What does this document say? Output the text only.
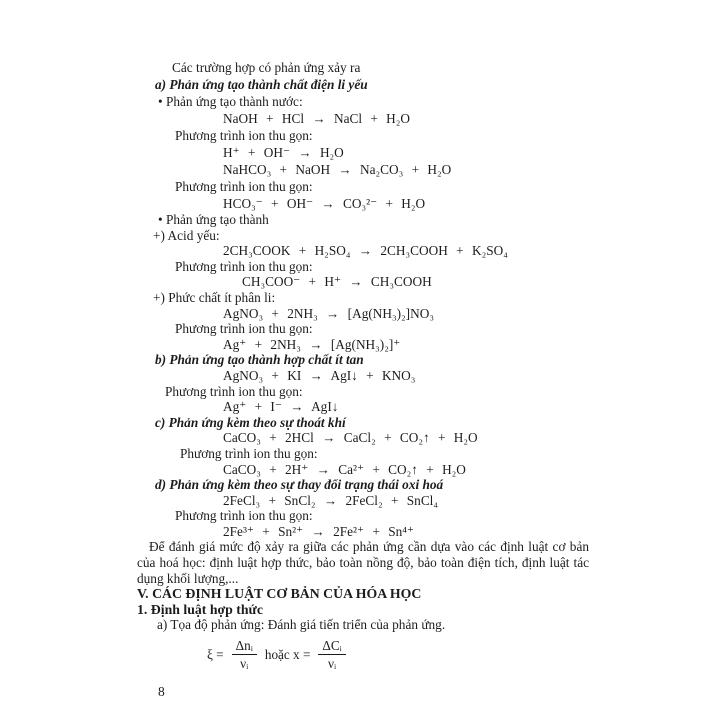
Các trường hợp có phản ứng xảy ra
a) Phản ứng tạo thành chất điện li yếu
• Phản ứng tạo thành nước:
NaOH + HCl → NaCl + H₂O
Phương trình ion thu gọn:
H⁺ + OH⁻ → H₂O
NaHCO₃ + NaOH → Na₂CO₃ + H₂O
Phương trình ion thu gọn:
HCO₃⁻ + OH⁻ → CO₃²⁻ + H₂O
• Phản ứng tạo thành
+) Acid yếu:
2CH₃COOK + H₂SO₄ → 2CH₃COOH + K₂SO₄
Phương trình ion thu gọn:
CH₃COO⁻ + H⁺ → CH₃COOH
+) Phức chất ít phân li:
AgNO₃ + 2NH₃ → [Ag(NH₃)₂]NO₃
Phương trình ion thu gọn:
Ag⁺ + 2NH₃ → [Ag(NH₃)₂]⁺
b) Phản ứng tạo thành hợp chất ít tan
AgNO₃ + KI → AgI↓ + KNO₃
Phương trình ion thu gọn:
Ag⁺ + I⁻ → AgI↓
c) Phản ứng kèm theo sự thoát khí
CaCO₃ + 2HCl → CaCl₂ + CO₂↑ + H₂O
Phương trình ion thu gọn:
CaCO₃ + 2H⁺ → Ca²⁺ + CO₂↑ + H₂O
d) Phản ứng kèm theo sự thay đổi trạng thái oxi hoá
2FeCl₃ + SnCl₂ → 2FeCl₂ + SnCl₄
Phương trình ion thu gọn:
2Fe³⁺ + Sn²⁺ → 2Fe²⁺ + Sn⁴⁺
Để đánh giá mức độ xảy ra giữa các phản ứng cần dựa vào các định luật cơ bản của hoá học: định luật hợp thức, bảo toàn nồng độ, bảo toàn điện tích, định luật tác dụng khối lượng,...
V. CÁC ĐỊNH LUẬT CƠ BẢN CỦA HÓA HỌC
1. Định luật hợp thức
a) Tọa độ phản ứng: Đánh giá tiến triển của phản ứng.
$\xi = \frac{\text{Δnᵢ}}{\text{νᵢ}}$ hoặc $x = \frac{\text{ΔCᵢ}}{\text{νᵢ}}$
8
